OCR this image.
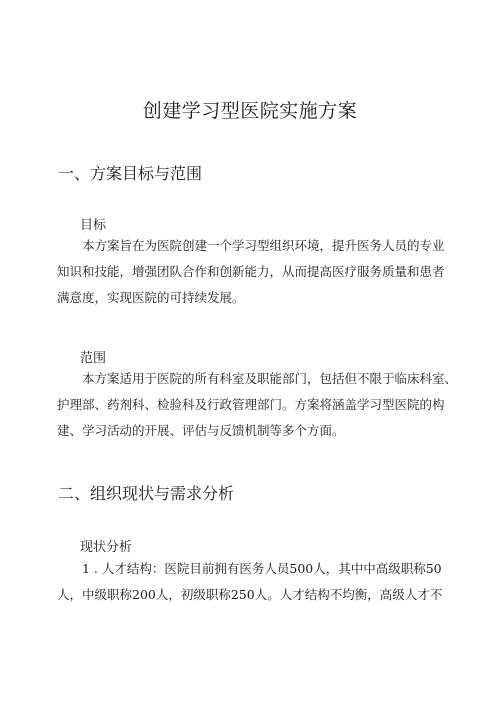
创建学习型医院实施方案
一、方案目标与范围
目标
本方案旨在为医院创建一个学习型组织环境，提升医务人员的专业
知识和技能，增强团队合作和创新能力，从而提高医疗服务质量和患者
满意度，实现医院的可持续发展。
范围
本方案适用于医院的所有科室及职能部门，包括但不限于临床科室、
护理部、药剂科、检验科及行政管理部门。方案将涵盖学习型医院的构
建、学习活动的开展、评估与反馈机制等多个方面。
二、组织现状与需求分析
现状分析
1 . 人才结构：医院目前拥有医务人员500人，其中中高级职称50
人，中级职称200人，初级职称250人。人才结构不均衡，高级人才不
